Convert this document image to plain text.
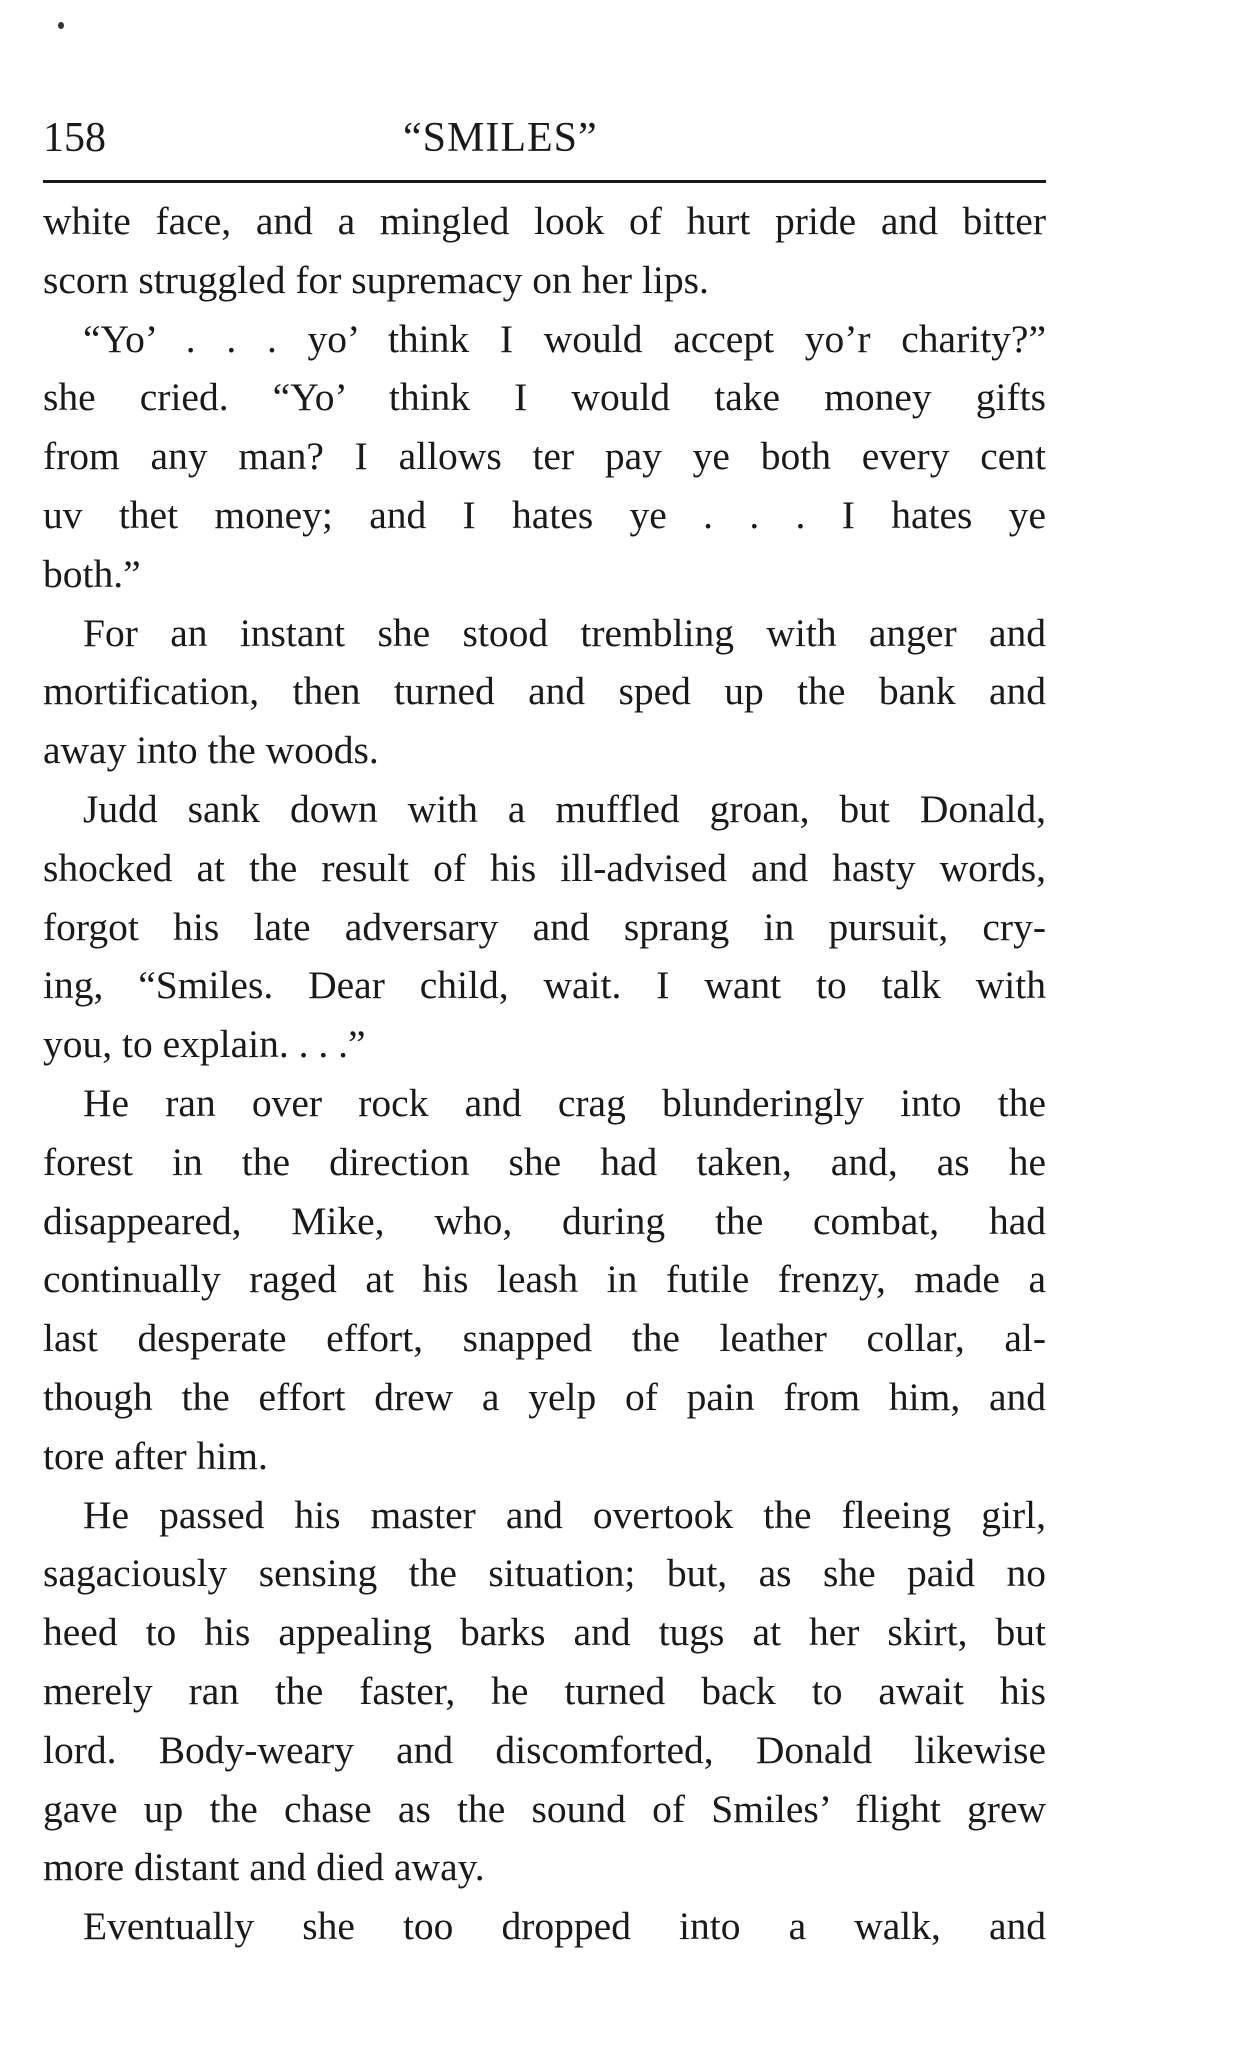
158	“SMILES”
white face, and a mingled look of hurt pride and bitter
scorn struggled for supremacy on her lips.
“Yo’ . . . yo’ think I would accept yo’r charity?”
she cried. “Yo’ think I would take money gifts
from any man? I allows ter pay ye both every cent
uv thet money; and I hates ye . . . I hates ye
both.”
For an instant she stood trembling with anger and
mortification, then turned and sped up the bank and
away into the woods.
Judd sank down with a muffled groan, but Donald,
shocked at the result of his ill-advised and hasty words,
forgot his late adversary and sprang in pursuit, cry-
ing, “Smiles. Dear child, wait. I want to talk with
you, to explain. . . .”
He ran over rock and crag blunderingly into the
forest in the direction she had taken, and, as he
disappeared, Mike, who, during the combat, had
continually raged at his leash in futile frenzy, made a
last desperate effort, snapped the leather collar, al-
though the effort drew a yelp of pain from him, and
tore after him.
He passed his master and overtook the fleeing girl,
sagaciously sensing the situation; but, as she paid no
heed to his appealing barks and tugs at her skirt, but
merely ran the faster, he turned back to await his
lord. Body-weary and discomforted, Donald likewise
gave up the chase as the sound of Smiles’ flight grew
more distant and died away.
Eventually she too dropped into a walk, and
